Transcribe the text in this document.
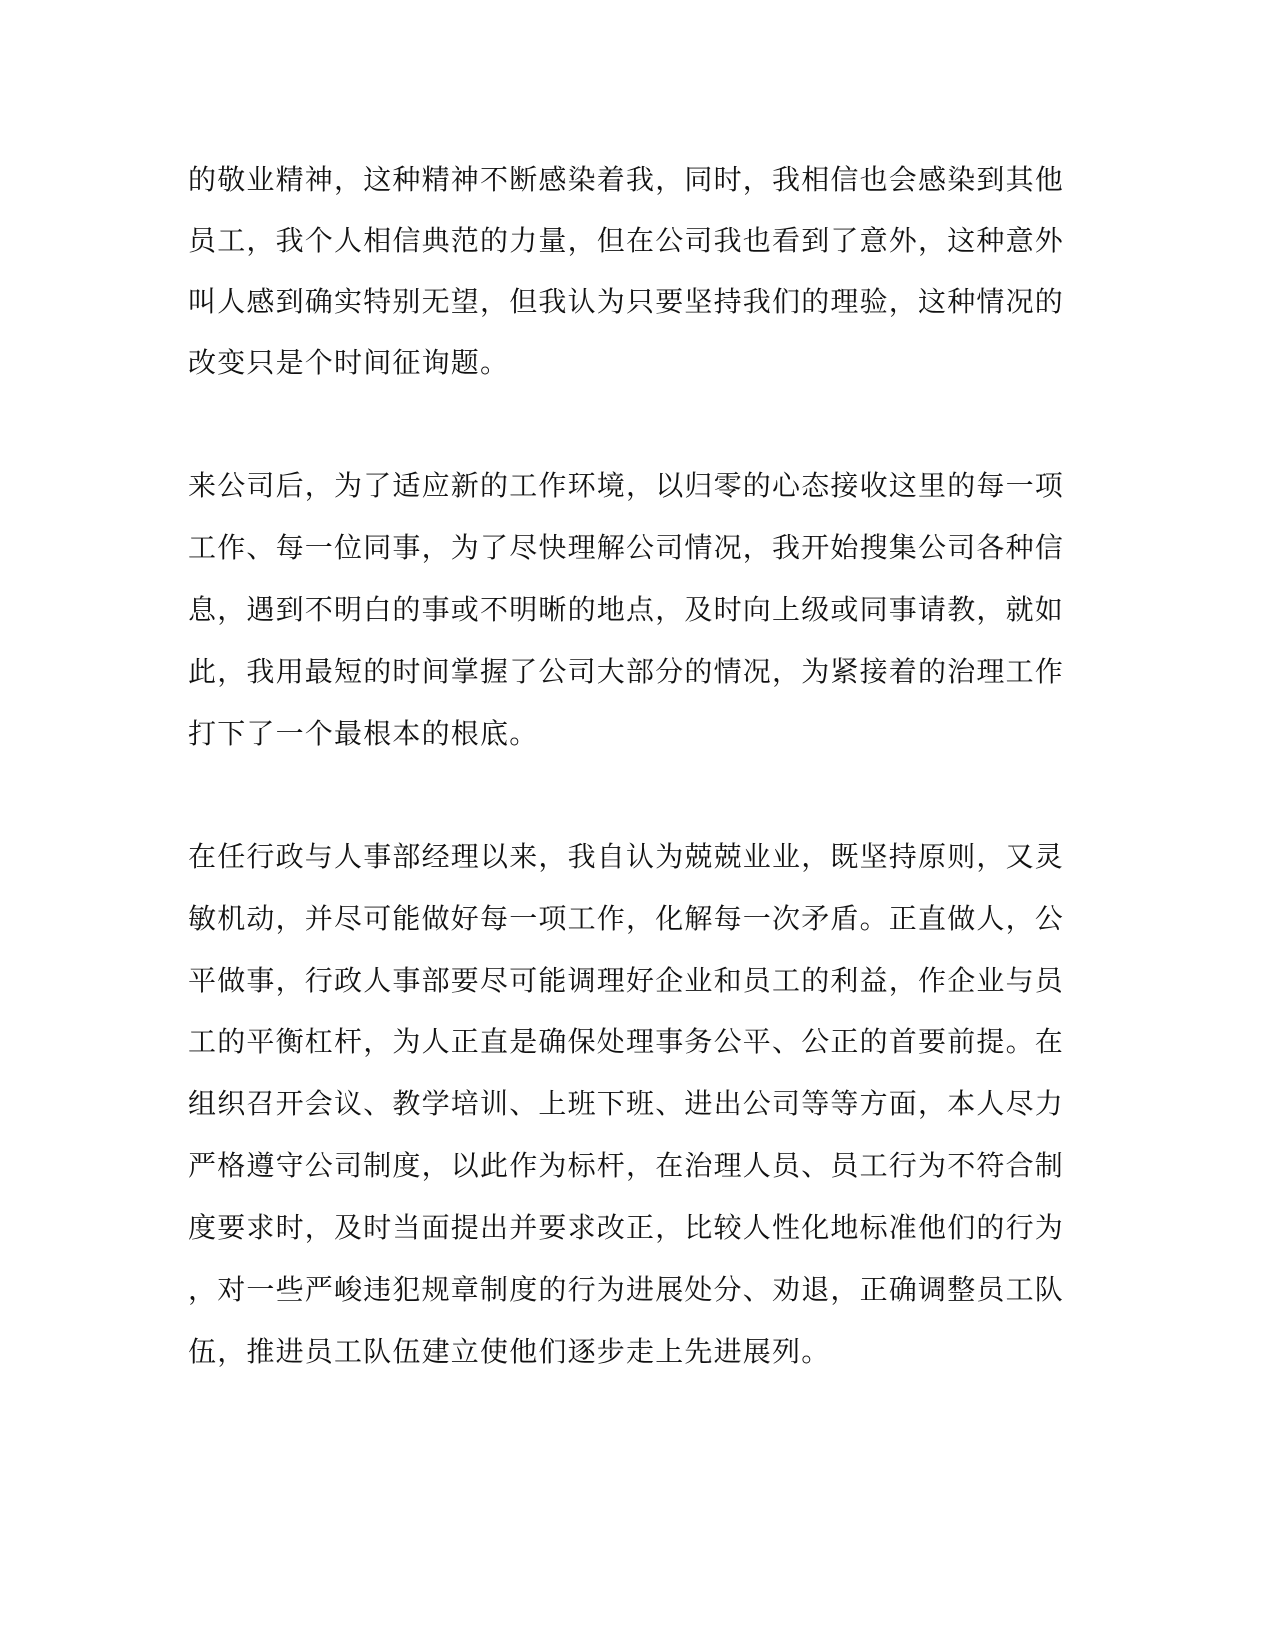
的敬业精神，这种精神不断感染着我，同时，我相信也会感染到其他
员工，我个人相信典范的力量，但在公司我也看到了意外，这种意外
叫人感到确实特别无望，但我认为只要坚持我们的理验，这种情况的
改变只是个时间征询题。
来公司后，为了适应新的工作环境，以归零的心态接收这里的每一项
工作、每一位同事，为了尽快理解公司情况，我开始搜集公司各种信
息，遇到不明白的事或不明晰的地点，及时向上级或同事请教，就如
此，我用最短的时间掌握了公司大部分的情况，为紧接着的治理工作
打下了一个最根本的根底。
在任行政与人事部经理以来，我自认为兢兢业业，既坚持原则，又灵
敏机动，并尽可能做好每一项工作，化解每一次矛盾。正直做人，公
平做事，行政人事部要尽可能调理好企业和员工的利益，作企业与员
工的平衡杠杆，为人正直是确保处理事务公平、公正的首要前提。在
组织召开会议、教学培训、上班下班、进出公司等等方面，本人尽力
严格遵守公司制度，以此作为标杆，在治理人员、员工行为不符合制
度要求时，及时当面提出并要求改正，比较人性化地标准他们的行为
，对一些严峻违犯规章制度的行为进展处分、劝退，正确调整员工队
伍，推进员工队伍建立使他们逐步走上先进展列。
